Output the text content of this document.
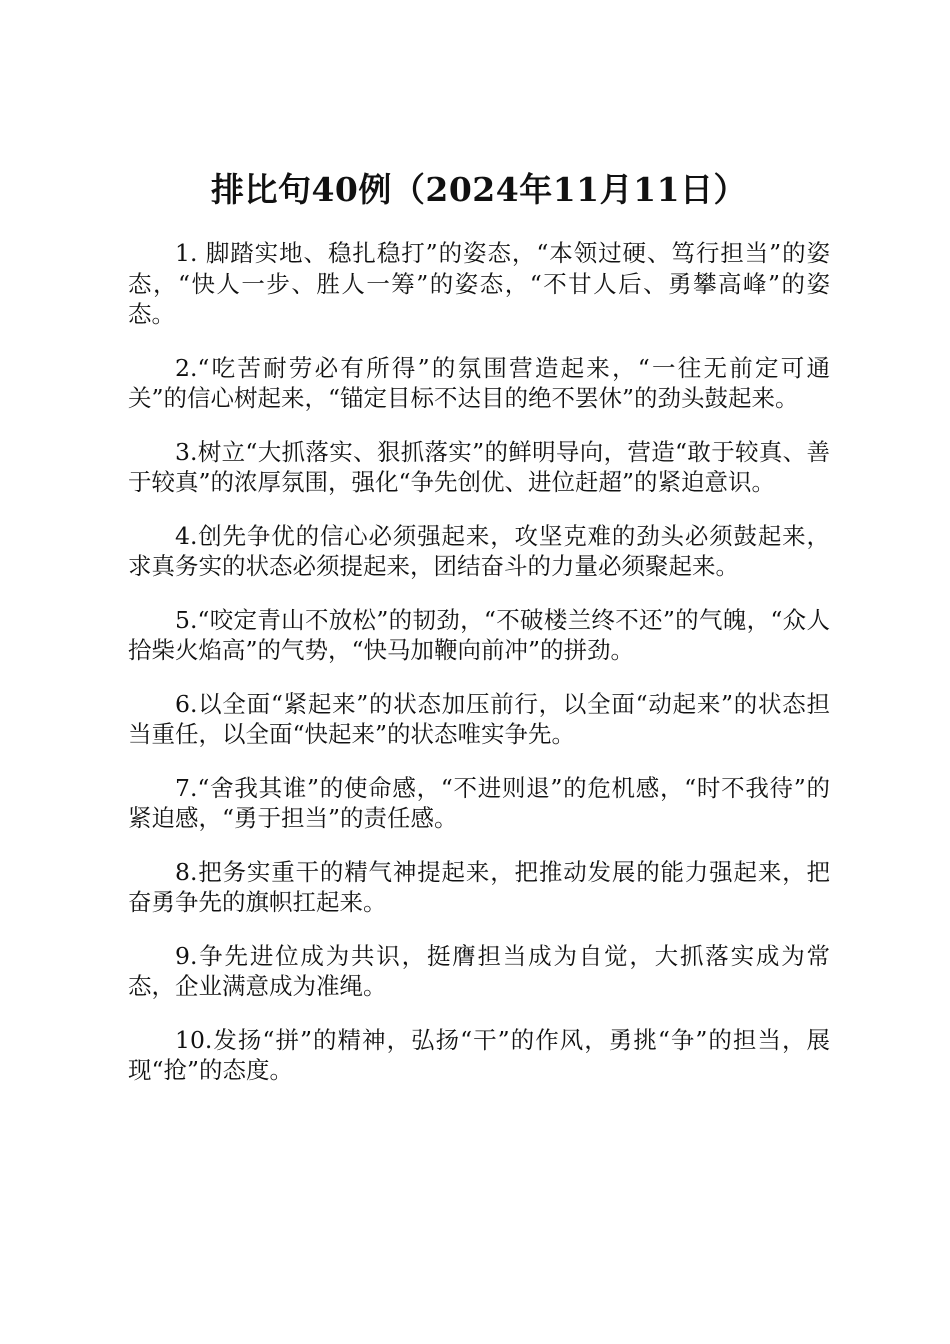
排比句40例（2024年11月11日）

1. 脚踏实地、稳扎稳打”的姿态，“本领过硬、笃行担当”的姿态，“快人一步、胜人一筹”的姿态，“不甘人后、勇攀高峰”的姿态。

2.“吃苦耐劳必有所得”的氛围营造起来，“一往无前定可通关”的信心树起来，“锚定目标不达目的绝不罢休”的劲头鼓起来。

3.树立“大抓落实、狠抓落实”的鲜明导向，营造“敢于较真、善于较真”的浓厚氛围，强化“争先创优、进位赶超”的紧迫意识。

4.创先争优的信心必须强起来，攻坚克难的劲头必须鼓起来，求真务实的状态必须提起来，团结奋斗的力量必须聚起来。

5.“咬定青山不放松”的韧劲，“不破楼兰终不还”的气魄，“众人拾柴火焰高”的气势，“快马加鞭向前冲”的拼劲。

6.以全面“紧起来”的状态加压前行，以全面“动起来”的状态担当重任，以全面“快起来”的状态唯实争先。

7.“舍我其谁”的使命感，“不进则退”的危机感，“时不我待”的紧迫感，“勇于担当”的责任感。

8.把务实重干的精气神提起来，把推动发展的能力强起来，把奋勇争先的旗帜扛起来。

9.争先进位成为共识，挺膺担当成为自觉，大抓落实成为常态，企业满意成为准绳。

10.发扬“拼”的精神，弘扬“干”的作风，勇挑“争”的担当，展现“抢”的态度。
